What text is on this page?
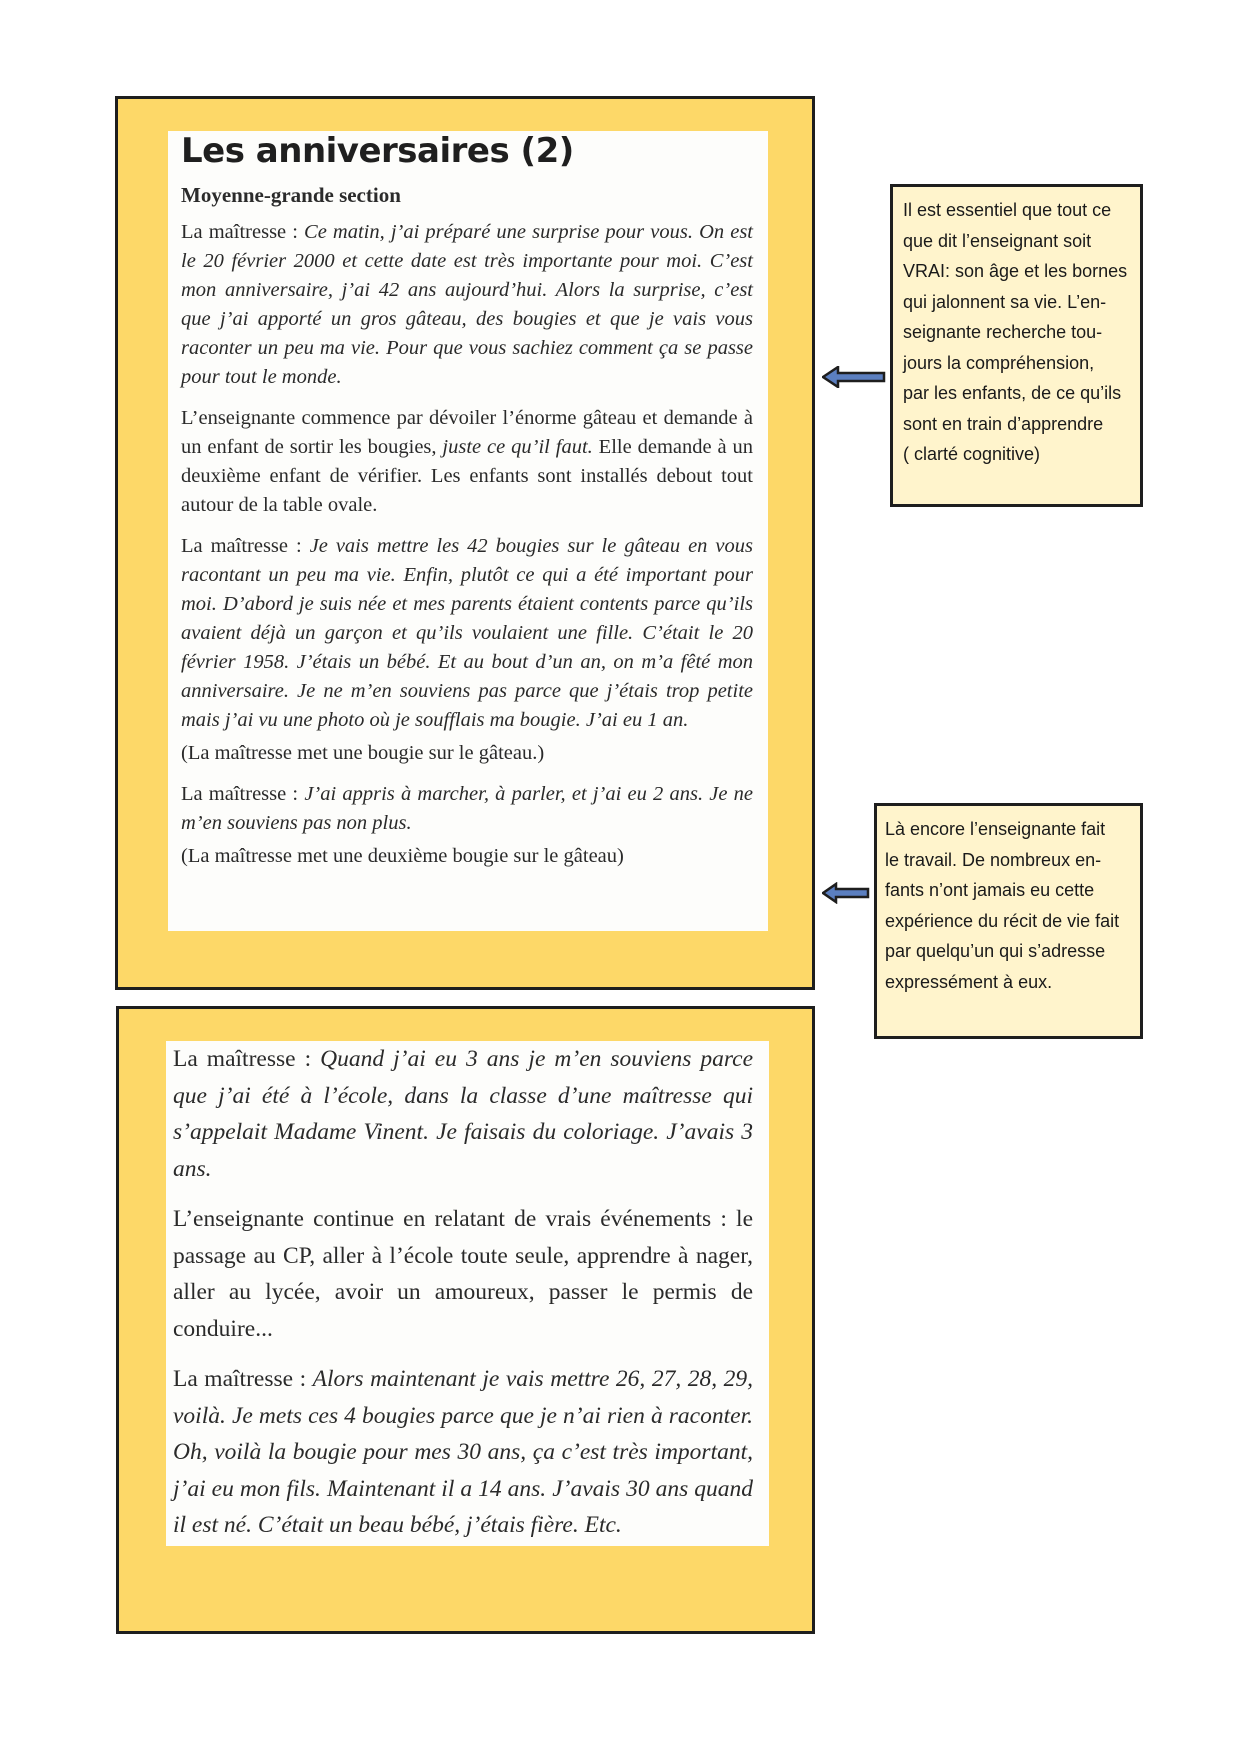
Les anniversaires (2)
Moyenne-grande section

La maîtresse : Ce matin, j’ai préparé une surprise pour vous. On est le 20 février 2000 et cette date est très importante pour moi. C’est mon anniversaire, j’ai 42 ans aujourd’hui. Alors la surprise, c’est que j’ai apporté un gros gâteau, des bougies et que je vais vous raconter un peu ma vie. Pour que vous sachiez comment ça se passe pour tout le monde.

L’enseignante commence par dévoiler l’énorme gâteau et demande à un enfant de sortir les bougies, juste ce qu’il faut. Elle demande à un deuxième enfant de vérifier. Les enfants sont installés debout tout autour de la table ovale.

La maîtresse : Je vais mettre les 42 bougies sur le gâteau en vous racontant un peu ma vie. Enfin, plutôt ce qui a été important pour moi. D’abord je suis née et mes parents étaient contents parce qu’ils avaient déjà un garçon et qu’ils voulaient une fille. C’était le 20 février 1958. J’étais un bébé. Et au bout d’un an, on m’a fêté mon anniversaire. Je ne m’en souviens pas parce que j’étais trop petite mais j’ai vu une photo où je soufflais ma bougie. J’ai eu 1 an.

(La maîtresse met une bougie sur le gâteau.)

La maîtresse : J’ai appris à marcher, à parler, et j’ai eu 2 ans. Je ne m’en souviens pas non plus.

(La maîtresse met une deuxième bougie sur le gâteau)

La maîtresse : Quand j’ai eu 3 ans je m’en souviens parce que j’ai été à l’école, dans la classe d’une maîtresse qui s’appelait Madame Vinent. Je faisais du coloriage. J’avais 3 ans.

L’enseignante continue en relatant de vrais événements : le passage au CP, aller à l’école toute seule, apprendre à nager, aller au lycée, avoir un amoureux, passer le permis de conduire...

La maîtresse : Alors maintenant je vais mettre 26, 27, 28, 29, voilà. Je mets ces 4 bougies parce que je n’ai rien à raconter. Oh, voilà la bougie pour mes 30 ans, ça c’est très important, j’ai eu mon fils. Maintenant il a 14 ans. J’avais 30 ans quand il est né. C’était un beau bébé, j’étais fière. Etc.

Il est essentiel que tout ce
que dit l’enseignant soit
VRAI: son âge et les bornes
qui jalonnent sa vie. L’en-
seignante recherche tou-
jours la compréhension,
par les enfants, de ce qu’ils
sont en train d’apprendre
( clarté cognitive)
Là encore l’enseignante fait
le travail. De nombreux en-
fants n’ont jamais eu cette
expérience du récit de vie fait
par quelqu’un qui s’adresse
expressément à eux.
